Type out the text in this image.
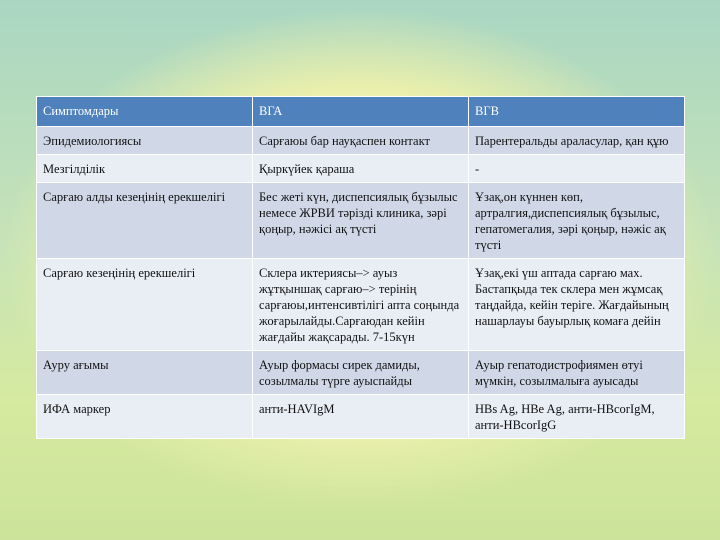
Симптомдары	ВГА	ВГВ
Эпидемиологиясы	Сарғаюы бар науқаспен контакт	Парентеральды араласулар, қан құю
Мезгілділік	Қыркүйек қараша	-
Сарғаю алды кезеңінің ерекшелігі	Бес жеті күн, диспепсиялық бұзылыс немесе ЖРВИ тәрізді клиника, зәрі қоңыр, нәжісі ақ түсті	Ұзақ,он күннен көп, артралгия,диспепсиялық бұзылыс, гепатомегалия, зәрі қоңыр, нәжіс ақ түсті
Сарғаю кезеңінің ерекшелігі	Склера иктериясы–> ауыз жұтқыншақ сарғаю–> терінің сарғаюы,интенсивтілігі апта соңында жоғарылайды.Сарғаюдан кейін жағдайы жақсарады. 7-15күн	Ұзақ,екі үш аптада сарғаю мах. Бастапқыда тек склера мен жұмсақ таңдайда, кейін теріге. Жағдайының нашарлауы бауырлық комаға дейін
Ауру ағымы	Ауыр формасы сирек дамиды, созылмалы түрге ауыспайды	Ауыр гепатодистрофиямен өтуі мүмкін, созылмалыға ауысады
ИФА маркер	анти-HAVIgM	HBs Ag, HBe Ag, анти-HBcorIgM, анти-HBcorIgG
